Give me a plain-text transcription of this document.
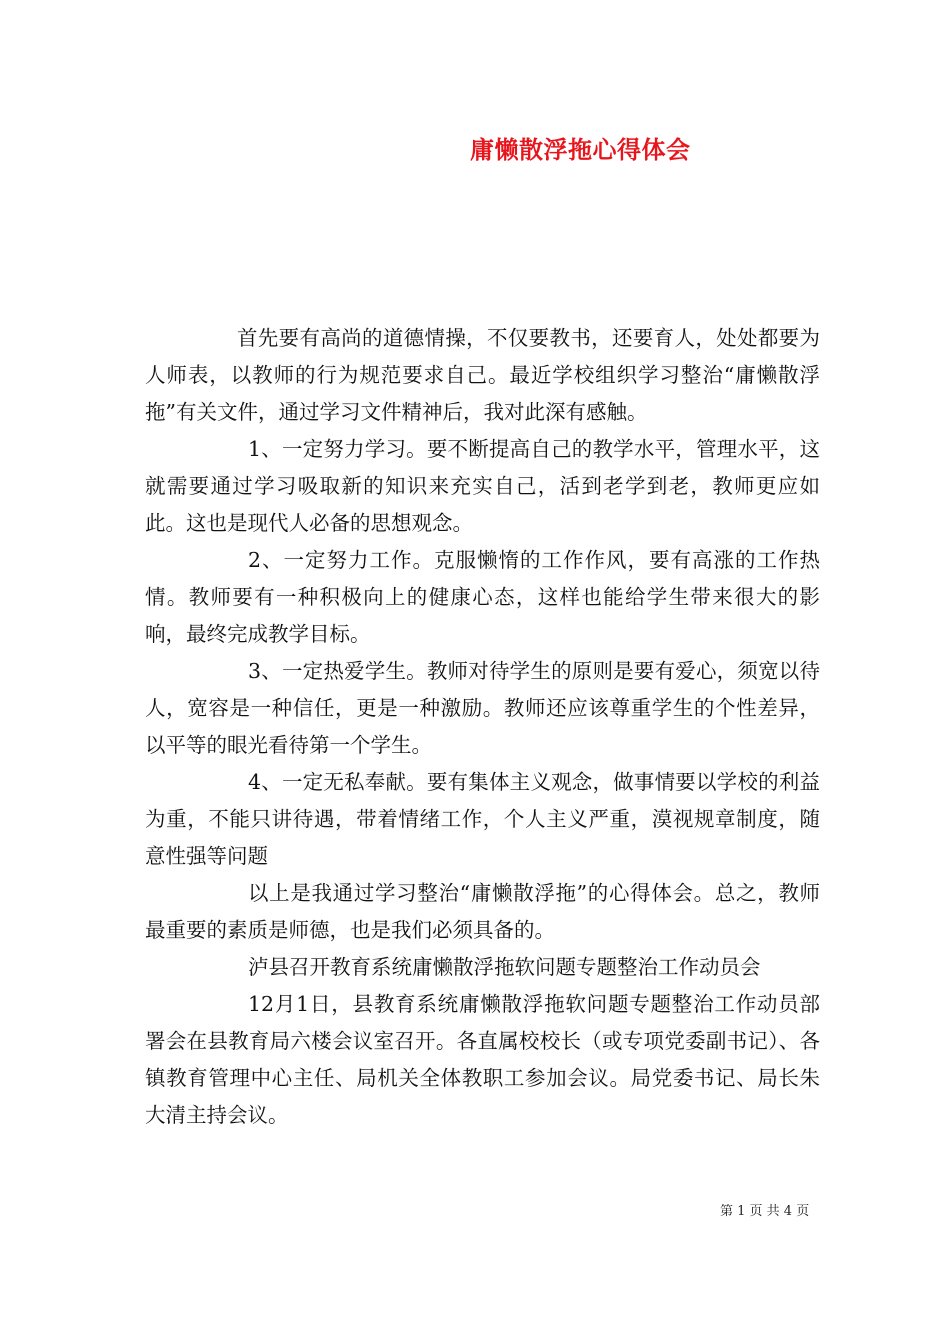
庸懒散浮拖心得体会

首先要有高尚的道德情操，不仅要教书，还要育人，处处都要为人师表，以教师的行为规范要求自己。最近学校组织学习整治“庸懒散浮拖”有关文件，通过学习文件精神后，我对此深有感触。

1、一定努力学习。要不断提高自己的教学水平，管理水平，这就需要通过学习吸取新的知识来充实自己，活到老学到老，教师更应如此。这也是现代人必备的思想观念。

2、一定努力工作。克服懒惰的工作作风，要有高涨的工作热情。教师要有一种积极向上的健康心态，这样也能给学生带来很大的影响，最终完成教学目标。

3、一定热爱学生。教师对待学生的原则是要有爱心，须宽以待人，宽容是一种信任，更是一种激励。教师还应该尊重学生的个性差异，以平等的眼光看待第一个学生。

4、一定无私奉献。要有集体主义观念，做事情要以学校的利益为重，不能只讲待遇，带着情绪工作，个人主义严重，漠视规章制度，随意性强等问题

以上是我通过学习整治“庸懒散浮拖”的心得体会。总之，教师最重要的素质是师德，也是我们必须具备的。

泸县召开教育系统庸懒散浮拖软问题专题整治工作动员会

12月1日，县教育系统庸懒散浮拖软问题专题整治工作动员部署会在县教育局六楼会议室召开。各直属校校长（或专项党委副书记）、各镇教育管理中心主任、局机关全体教职工参加会议。局党委书记、局长朱大清主持会议。

第 1 页 共 4 页
